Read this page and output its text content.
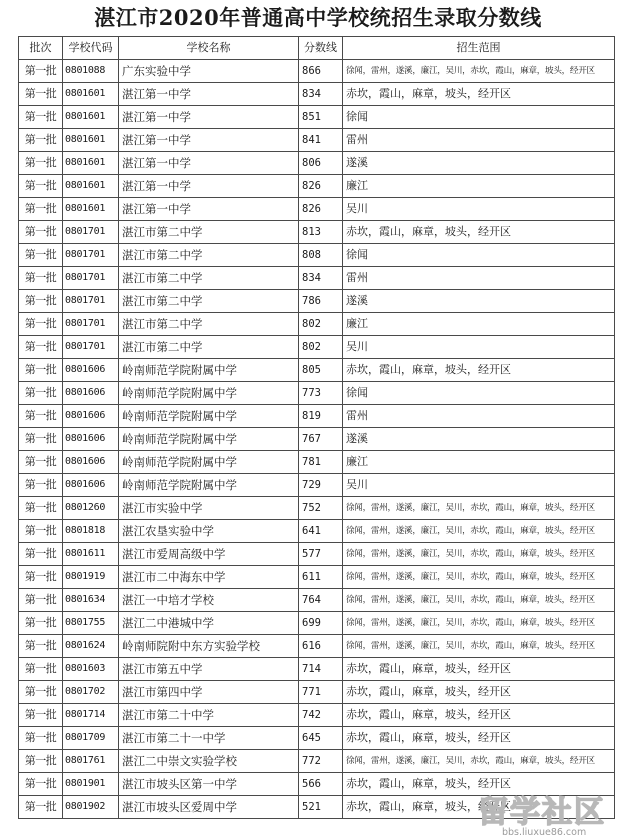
湛江市2020年普通高中学校统招生录取分数线
批次	学校代码	学校名称	分数线	招生范围
第一批	0801088	广东实验中学	866	徐闻，雷州，遂溪，廉江，吴川，赤坎，霞山，麻章，坡头，经开区
第一批	0801601	湛江第一中学	834	赤坎，霞山，麻章，坡头，经开区
第一批	0801601	湛江第一中学	851	徐闻
第一批	0801601	湛江第一中学	841	雷州
第一批	0801601	湛江第一中学	806	遂溪
第一批	0801601	湛江第一中学	826	廉江
第一批	0801601	湛江第一中学	826	吴川
第一批	0801701	湛江市第二中学	813	赤坎，霞山，麻章，坡头，经开区
第一批	0801701	湛江市第二中学	808	徐闻
第一批	0801701	湛江市第二中学	834	雷州
第一批	0801701	湛江市第二中学	786	遂溪
第一批	0801701	湛江市第二中学	802	廉江
第一批	0801701	湛江市第二中学	802	吴川
第一批	0801606	岭南师范学院附属中学	805	赤坎，霞山，麻章，坡头，经开区
第一批	0801606	岭南师范学院附属中学	773	徐闻
第一批	0801606	岭南师范学院附属中学	819	雷州
第一批	0801606	岭南师范学院附属中学	767	遂溪
第一批	0801606	岭南师范学院附属中学	781	廉江
第一批	0801606	岭南师范学院附属中学	729	吴川
第一批	0801260	湛江市实验中学	752	徐闻，雷州，遂溪，廉江，吴川，赤坎，霞山，麻章，坡头，经开区
第一批	0801818	湛江农垦实验中学	641	徐闻，雷州，遂溪，廉江，吴川，赤坎，霞山，麻章，坡头，经开区
第一批	0801611	湛江市爱周高级中学	577	徐闻，雷州，遂溪，廉江，吴川，赤坎，霞山，麻章，坡头，经开区
第一批	0801919	湛江市二中海东中学	611	徐闻，雷州，遂溪，廉江，吴川，赤坎，霞山，麻章，坡头，经开区
第一批	0801634	湛江一中培才学校	764	徐闻，雷州，遂溪，廉江，吴川，赤坎，霞山，麻章，坡头，经开区
第一批	0801755	湛江二中港城中学	699	徐闻，雷州，遂溪，廉江，吴川，赤坎，霞山，麻章，坡头，经开区
第一批	0801624	岭南师院附中东方实验学校	616	徐闻，雷州，遂溪，廉江，吴川，赤坎，霞山，麻章，坡头，经开区
第一批	0801603	湛江市第五中学	714	赤坎，霞山，麻章，坡头，经开区
第一批	0801702	湛江市第四中学	771	赤坎，霞山，麻章，坡头，经开区
第一批	0801714	湛江市第二十中学	742	赤坎，霞山，麻章，坡头，经开区
第一批	0801709	湛江市第二十一中学	645	赤坎，霞山，麻章，坡头，经开区
第一批	0801761	湛江二中崇文实验学校	772	徐闻，雷州，遂溪，廉江，吴川，赤坎，霞山，麻章，坡头，经开区
第一批	0801901	湛江市坡头区第一中学	566	赤坎，霞山，麻章，坡头，经开区
第一批	0801902	湛江市坡头区爱周中学	521	赤坎，霞山，麻章，坡头，经开区
留学社区
bbs.liuxue86.com
